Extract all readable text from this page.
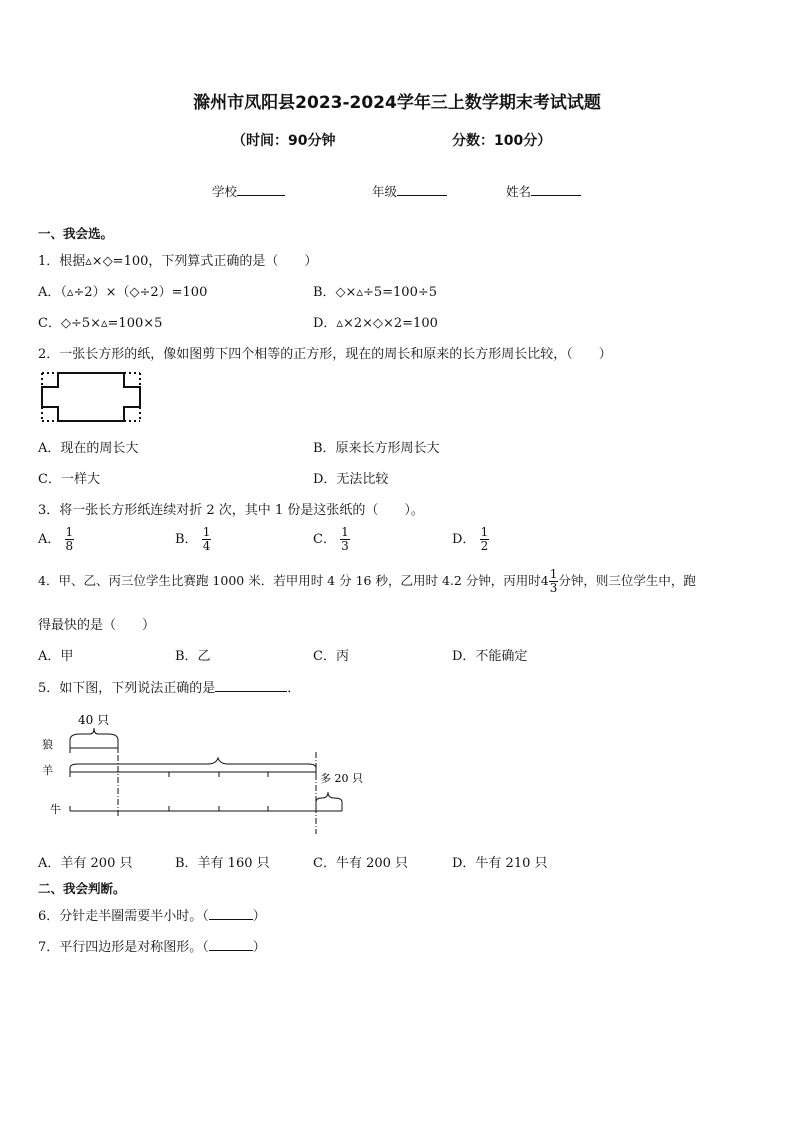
滁州市凤阳县2023-2024学年三上数学期末考试试题
（时间：90分钟	分数：100分）
学校	年级	姓名
一、我会选。
1．根据▵×◇=100，下列算式正确的是（　　）
A．（▵÷2）×（◇÷2）=100	B．◇×▵÷5=100÷5
C．◇÷5×▵=100×5	D．▵×2×◇×2=100
2．一张长方形的纸，像如图剪下四个相等的正方形，现在的周长和原来的长方形周长比较，（　　）
A．现在的周长大	B．原来长方形周长大
C．一样大	D．无法比较
3．将一张长方形纸连续对折 2 次，其中 1 份是这张纸的（　　）。
A． $\frac{1}{8}$	B． $\frac{1}{4}$	C． $\frac{1}{3}$	D． $\frac{1}{2}$
4．甲、乙、丙三位学生比赛跑 1000 米．若甲用时 4 分 16 秒，乙用时 4.2 分钟，丙用时$4 \frac{1}{3}$ 分钟，则三位学生中，跑
得最快的是（　　）
A．甲	B．乙	C．丙	D．不能确定
5．如下图，下列说法正确的是	．
40 只
狼
羊
牛
多 20 只
A．羊有 200 只	B．羊有 160 只	C．牛有 200 只	D．牛有 210 只
二、我会判断。
6．分针走半圈需要半小时。（	）
7．平行四边形是对称图形。（	）
